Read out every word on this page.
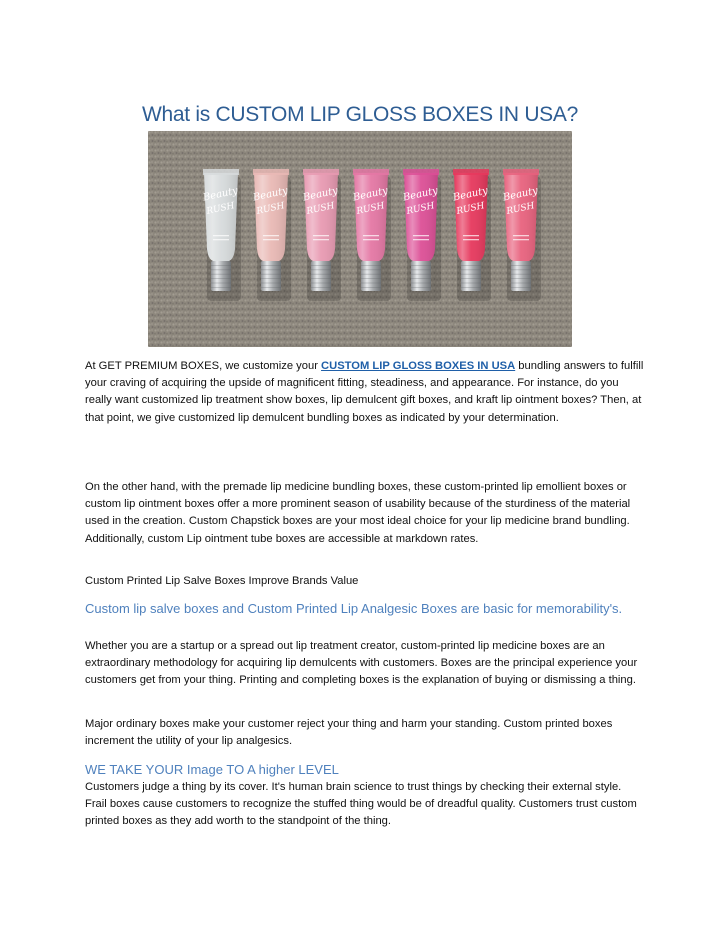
What is CUSTOM LIP GLOSS BOXES IN USA?
Beauty
RUSH
Beauty
RUSH
Beauty
RUSH
Beauty
RUSH
Beauty
RUSH
Beauty
RUSH
Beauty
RUSH
At GET PREMIUM BOXES, we customize your CUSTOM LIP GLOSS BOXES IN USA bundling answers to fulfill your craving of acquiring the upside of magnificent fitting, steadiness, and appearance. For instance, do you really want customized lip treatment show boxes, lip demulcent gift boxes, and kraft lip ointment boxes? Then, at that point, we give customized lip demulcent bundling boxes as indicated by your determination.
On the other hand, with the premade lip medicine bundling boxes, these custom-printed lip emollient boxes or custom lip ointment boxes offer a more prominent season of usability because of the sturdiness of the material used in the creation. Custom Chapstick boxes are your most ideal choice for your lip medicine brand bundling. Additionally, custom Lip ointment tube boxes are accessible at markdown rates.
Custom Printed Lip Salve Boxes Improve Brands Value
Custom lip salve boxes and Custom Printed Lip Analgesic Boxes are basic for memorability's.
Whether you are a startup or a spread out lip treatment creator, custom-printed lip medicine boxes are an extraordinary methodology for acquiring lip demulcents with customers. Boxes are the principal experience your customers get from your thing. Printing and completing boxes is the explanation of buying or dismissing a thing.
Major ordinary boxes make your customer reject your thing and harm your standing. Custom printed boxes increment the utility of your lip analgesics.
WE TAKE YOUR Image TO A higher LEVEL
Customers judge a thing by its cover. It's human brain science to trust things by checking their external style. Frail boxes cause customers to recognize the stuffed thing would be of dreadful quality. Customers trust custom printed boxes as they add worth to the standpoint of the thing.
